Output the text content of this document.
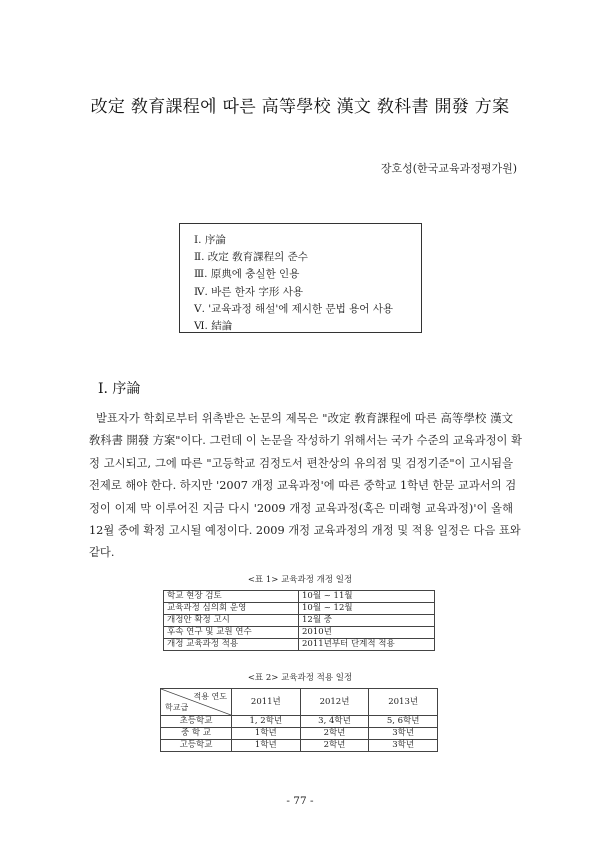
改定 敎育課程에 따른 高等學校 漢文 敎科書 開發 方案
장호성(한국교육과정평가원)
Ⅰ. 序論
Ⅱ. 改定 敎育課程의 준수
Ⅲ. 原典에 충실한 인용
Ⅳ. 바른 한자 字形 사용
Ⅴ. '교육과정 해설'에 제시한 문법 용어 사용
Ⅵ. 結論
Ⅰ. 序論
발표자가 학회로부터 위촉받은 논문의 제목은 "改定 敎育課程에 따른 高等學校 漢文
敎科書 開發 方案"이다. 그런데 이 논문을 작성하기 위해서는 국가 수준의 교육과정이 확
정 고시되고, 그에 따른 "고등학교 검정도서 편찬상의 유의점 및 검정기준"이 고시됨을
전제로 해야 한다. 하지만 '2007 개정 교육과정'에 따른 중학교 1학년 한문 교과서의 검
정이 이제 막 이루어진 지금 다시 '2009 개정 교육과정(혹은 미래형 교육과정)'이 올해
12월 중에 확정 고시될 예정이다. 2009 개정 교육과정의 개정 및 적용 일정은 다음 표와
같다.
<표 1> 교육과정 개정 일정
학교 현장 검토	10월 ~ 11월
교육과정 심의회 운영	10월 ~ 12월
개정안 확정 고시	12월 중
후속 연구 및 교원 연수	2010년
개정 교육과정 적용	2011년부터 단계적 적용
<표 2> 교육과정 적용 일정
적용 연도
학교급	2011년	2012년	2013년
초등학교	1, 2학년	3, 4학년	5, 6학년
중 학 교	1학년	2학년	3학년
고등학교	1학년	2학년	3학년
- 77 -
